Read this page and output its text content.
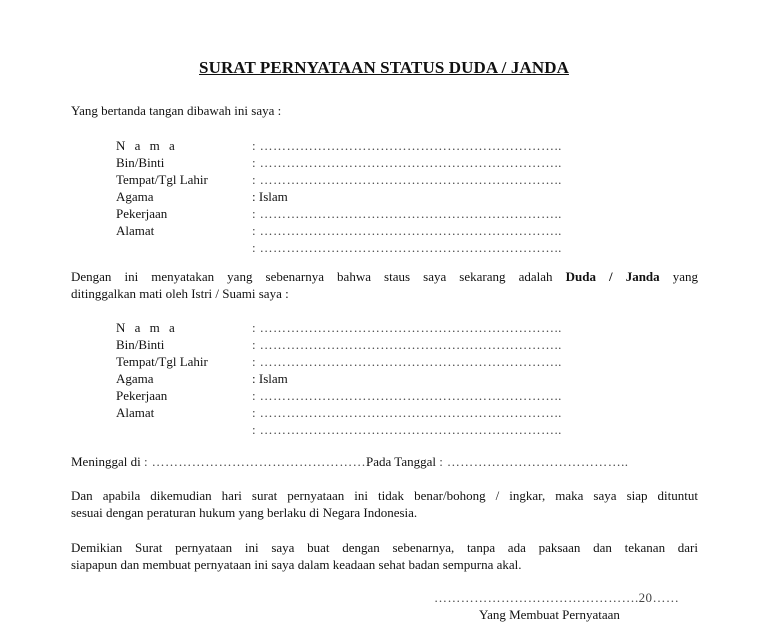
SURAT PERNYATAAN STATUS DUDA / JANDA
Yang bertanda tangan dibawah ini saya :
N a m a	: …………………………………………………………..
Bin/Binti	: …………………………………………………………..
Tempat/Tgl Lahir	: …………………………………………………………..
Agama	: Islam
Pekerjaan	: …………………………………………………………..
Alamat	: …………………………………………………………..
: …………………………………………………………..
Dengan ini menyatakan yang sebenarnya bahwa staus saya sekarang adalah Duda / Janda yang
ditinggalkan mati oleh Istri / Suami saya :
N a m a	: …………………………………………………………..
Bin/Binti	: …………………………………………………………..
Tempat/Tgl Lahir	: …………………………………………………………..
Agama	: Islam
Pekerjaan	: …………………………………………………………..
Alamat	: …………………………………………………………..
: …………………………………………………………..
Meninggal di : …………………………………………Pada Tanggal : …………………………………..
Dan apabila dikemudian hari surat pernyataan ini tidak benar/bohong / ingkar, maka saya siap dituntut
sesuai dengan peraturan hukum yang berlaku di Negara Indonesia.
Demikian Surat pernyataan ini saya buat dengan sebenarnya, tanpa ada paksaan dan tekanan dari
siapapun dan membuat pernyataan ini saya dalam keadaan sehat badan sempurna akal.
……………………………………….20……
Yang Membuat Pernyataan
